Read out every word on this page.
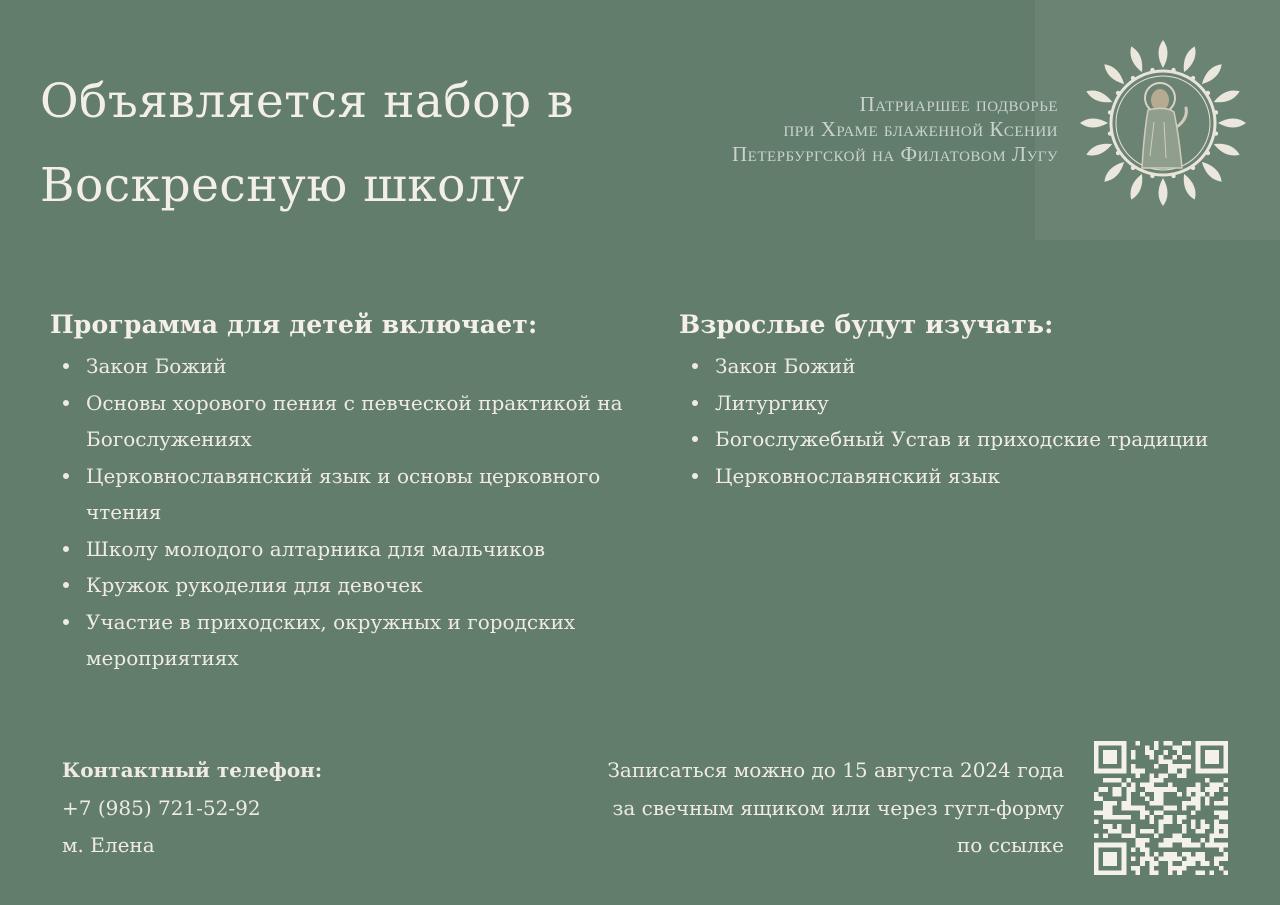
Объявляется набор в
Воскресную школу
Патриаршее подворье
при Храме блаженной Ксении
Петербургской на Филатовом Лугу
Программа для детей включает:
Закон Божий
Основы хорового пения с певческой практикой на Богослужениях
Церковнославянский язык и основы церковного чтения
Школу молодого алтарника для мальчиков
Кружок рукоделия для девочек
Участие в приходских, окружных и городских мероприятиях
Взрослые будут изучать:
Закон Божий
Литургику
Богослужебный Устав и приходские традиции
Церковнославянский язык
Контактный телефон:
+7 (985) 721-52-92
м. Елена
Записаться можно до 15 августа 2024 года
за свечным ящиком или через гугл-форму
по ссылке
